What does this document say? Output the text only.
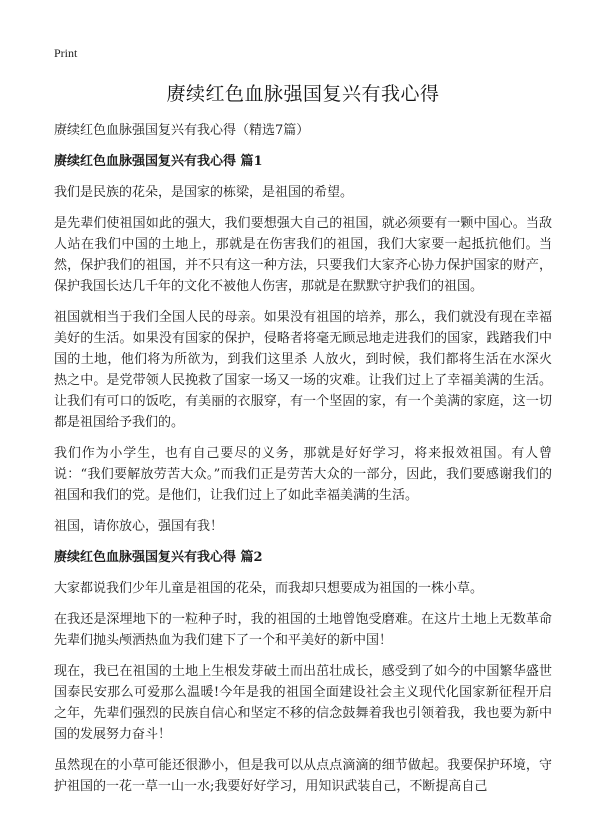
Print
赓续红色血脉强国复兴有我心得

赓续红色血脉强国复兴有我心得（精选7篇）

赓续红色血脉强国复兴有我心得 篇1

我们是民族的花朵，是国家的栋梁，是祖国的希望。

是先辈们使祖国如此的强大，我们要想强大自己的祖国，就必须要有一颗中国心。当敌人站在我们中国的土地上，那就是在伤害我们的祖国，我们大家要一起抵抗他们。当然，保护我们的祖国，并不只有这一种方法，只要我们大家齐心协力保护国家的财产，保护我国长达几千年的文化不被他人伤害，那就是在默默守护我们的祖国。

祖国就相当于我们全国人民的母亲。如果没有祖国的培养，那么，我们就没有现在幸福美好的生活。如果没有国家的保护，侵略者将毫无顾忌地走进我们的国家，践踏我们中国的土地，他们将为所欲为，到我们这里杀 人放火，到时候，我们都将生活在水深火热之中。是党带领人民挽救了国家一场又一场的灾难。让我们过上了幸福美满的生活。让我们有可口的饭吃，有美丽的衣服穿，有一个坚固的家，有一个美满的家庭，这一切都是祖国给予我们的。

我们作为小学生，也有自己要尽的义务，那就是好好学习，将来报效祖国。有人曾说：“我们要解放劳苦大众。”而我们正是劳苦大众的一部分，因此，我们要感谢我们的祖国和我们的党。是他们，让我们过上了如此幸福美满的生活。

祖国，请你放心，强国有我！

赓续红色血脉强国复兴有我心得 篇2

大家都说我们少年儿童是祖国的花朵，而我却只想要成为祖国的一株小草。

在我还是深埋地下的一粒种子时，我的祖国的土地曾饱受磨难。在这片土地上无数革命先辈们抛头颅洒热血为我们建下了一个和平美好的新中国！

现在，我已在祖国的土地上生根发芽破土而出茁壮成长，感受到了如今的中国繁华盛世国泰民安那么可爱那么温暖!今年是我的祖国全面建设社会主义现代化国家新征程开启之年，先辈们强烈的民族自信心和坚定不移的信念鼓舞着我也引领着我，我也要为新中国的发展努力奋斗！

虽然现在的小草可能还很渺小，但是我可以从点点滴滴的细节做起。我要保护环境，守护祖国的一花一草一山一水;我要好好学习，用知识武装自己，不断提高自己
